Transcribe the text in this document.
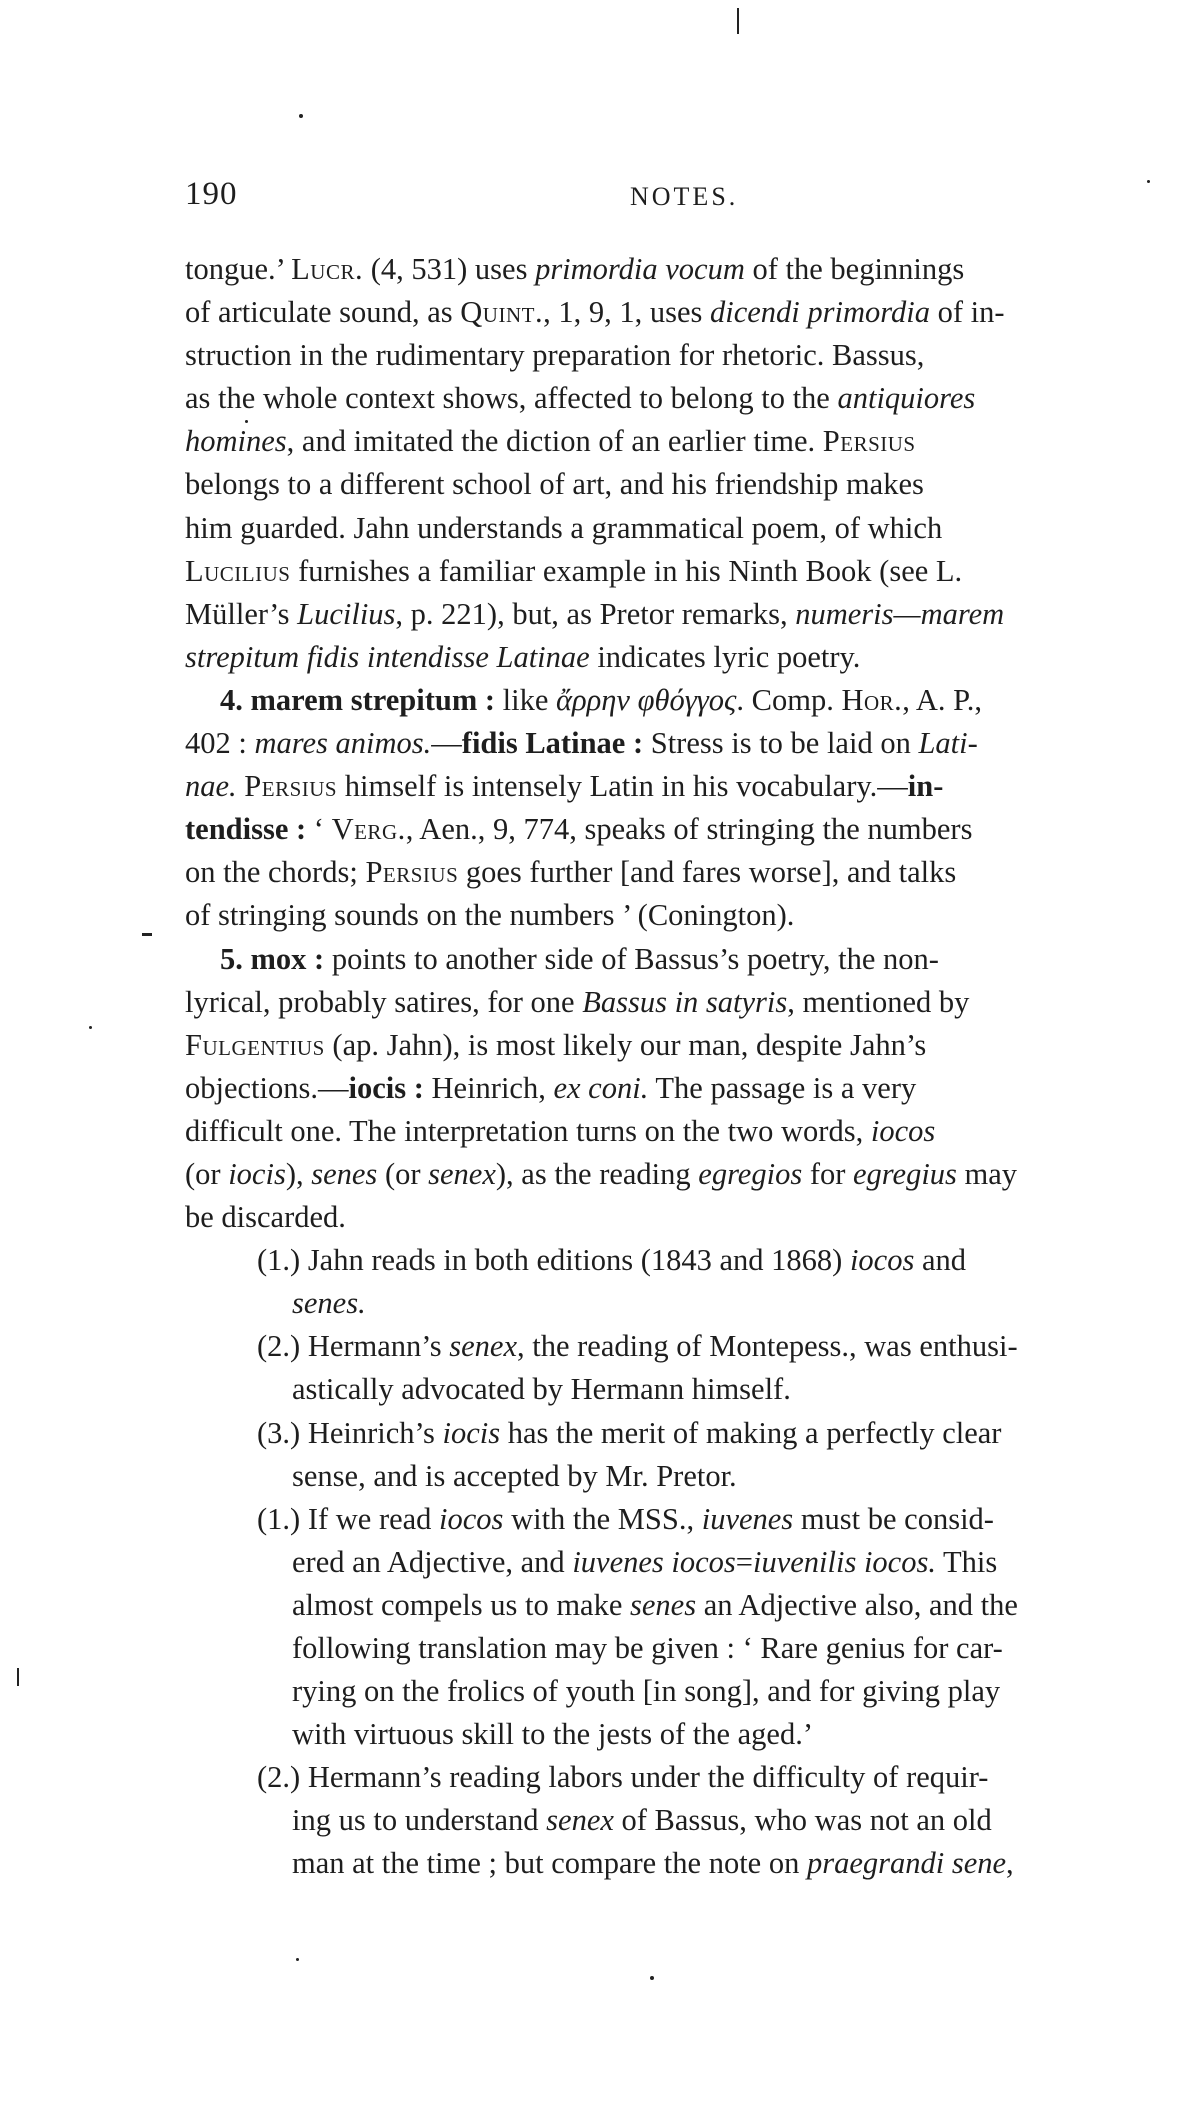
190	NOTES.
tongue.’ Lucr. (4, 531) uses primordia vocum of the beginnings
of articulate sound, as Quint., 1, 9, 1, uses dicendi primordia of in-
struction in the rudimentary preparation for rhetoric. Bassus,
as the whole context shows, affected to belong to the antiquiores
homines, and imitated the diction of an earlier time. Persius
belongs to a different school of art, and his friendship makes
him guarded. Jahn understands a grammatical poem, of which
Lucilius furnishes a familiar example in his Ninth Book (see L.
Müller’s Lucilius, p. 221), but, as Pretor remarks, numeris—marem
strepitum fidis intendisse Latinae indicates lyric poetry.
4. marem strepitum : like ἄρρην φθόγγος. Comp. Hor., A. P.,
402 : mares animos.—fidis Latinae : Stress is to be laid on Lati-
nae. Persius himself is intensely Latin in his vocabulary.—in-
tendisse : ‘ Verg., Aen., 9, 774, speaks of stringing the numbers
on the chords; Persius goes further [and fares worse], and talks
of stringing sounds on the numbers ’ (Conington).
5. mox : points to another side of Bassus’s poetry, the non-
lyrical, probably satires, for one Bassus in satyris, mentioned by
Fulgentius (ap. Jahn), is most likely our man, despite Jahn’s
objections.—iocis : Heinrich, ex coni. The passage is a very
difficult one. The interpretation turns on the two words, iocos
(or iocis), senes (or senex), as the reading egregios for egregius may
be discarded.
(1.) Jahn reads in both editions (1843 and 1868) iocos and
senes.
(2.) Hermann’s senex, the reading of Montepess., was enthusi-
astically advocated by Hermann himself.
(3.) Heinrich’s iocis has the merit of making a perfectly clear
sense, and is accepted by Mr. Pretor.
(1.) If we read iocos with the MSS., iuvenes must be consid-
ered an Adjective, and iuvenes iocos=iuvenilis iocos. This
almost compels us to make senes an Adjective also, and the
following translation may be given : ‘ Rare genius for car-
rying on the frolics of youth [in song], and for giving play
with virtuous skill to the jests of the aged.’
(2.) Hermann’s reading labors under the difficulty of requir-
ing us to understand senex of Bassus, who was not an old
man at the time ; but compare the note on praegrandi sene,
